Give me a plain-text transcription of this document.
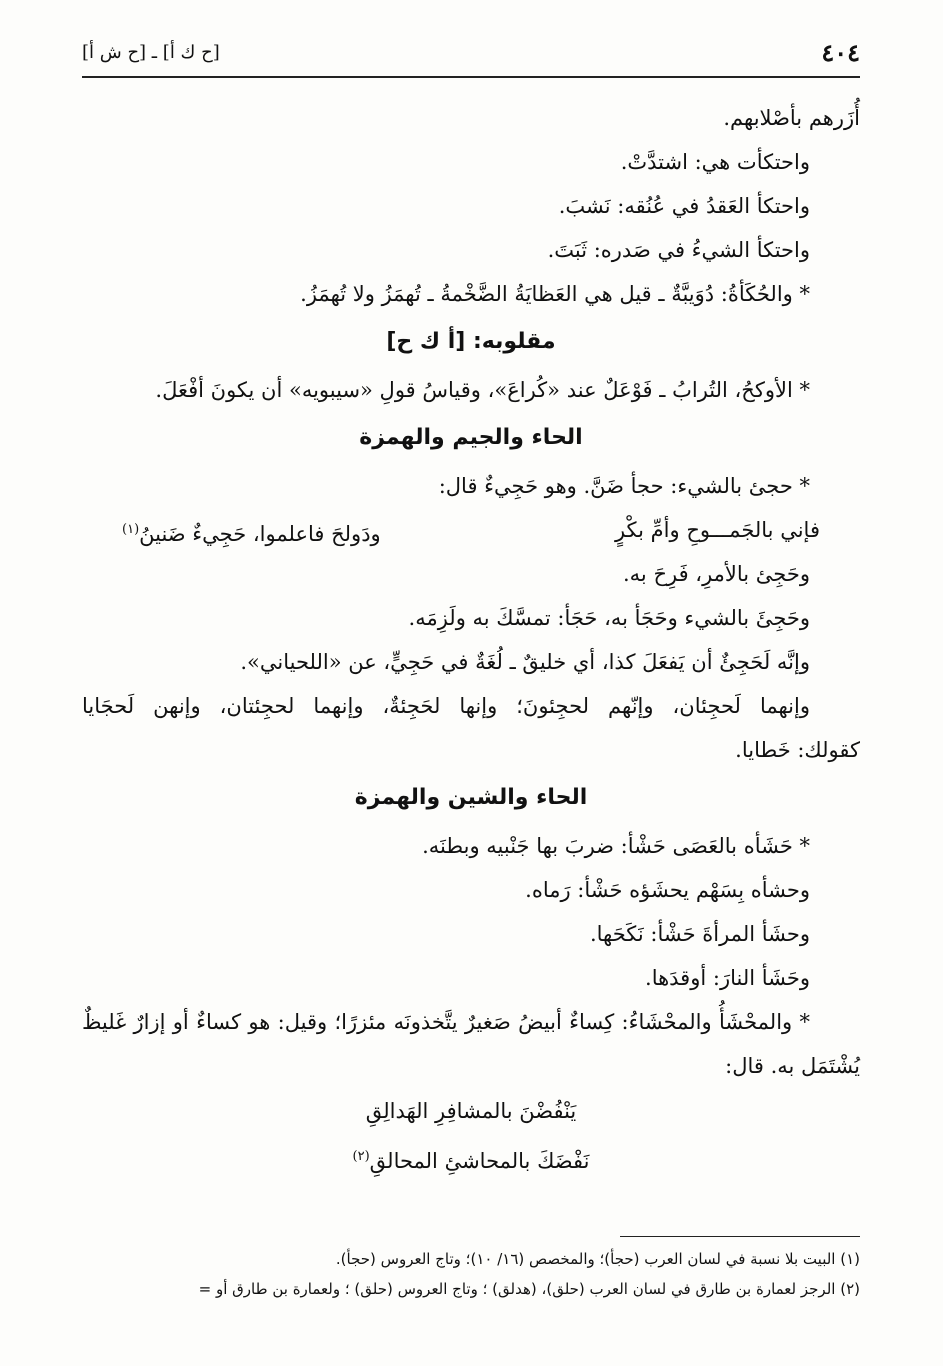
٤٠٤
[ح ك أ] ـ [ح ش أ]
أُزَرهم بأصْلابهم.
واحتكأت هي: اشتدَّتْ.
واحتكأ العَقدُ في عُنُقه: نَشبَ.
واحتكأ الشيءُ في صَدره: ثَبَتَ.
* والحُكَأةُ: دُوَيبَّةٌ ـ قيل هي العَظايَةُ الضَّخْمةُ ـ تُهمَزُ ولا تُهمَزُ.
مقلوبه: [أ ك ح]
* الأوكحُ، التُرابُ ـ فَوْعَلٌ عند «كُراعَ»، وقياسُ قولِ «سيبويه» أن يكونَ أفْعَلَ.
الحاء والجيم والهمزة
* حجئ بالشيء: حجأ ضَنَّ. وهو حَجِيءٌ قال:
فإني بالجَمـــوحِ وأمِّ بكْرٍ
ودَولحَ فاعلموا، حَجِيءٌ ضَنينُ$^{(١)}$
وحَجِئ بالأمرِ، فَرِحَ به.
وحَجِئَ بالشيء وحَجَأ به، حَجَأ: تمسَّكَ به ولَزِمَه.
وإنَّه لَحَجِئٌ أن يَفعَلَ كذا، أي خليقٌ ـ لُغَةٌ في حَجِيٍّ، عن «اللحياني».
وإنهما لَحجِئان، وإنّهم لحجِئونَ؛ وإنها لحَجِئةٌ، وإنهما لحجِئتان، وإنهن لَحجَايا
كقولك: خَطايا.
الحاء والشين والهمزة
* حَشَأه بالعَصَى حَشْأ: ضربَ بها جَنْبيه وبطنَه.
وحشأه بِسَهْم يحشَؤه حَشْأ: رَماه.
وحشَأ المرأةَ حَشْأ: نَكَحَها.
وحَشَأ النارَ: أوقدَها.
* والمحْشَأُ والمحْشَاءُ: كِساءٌ أبيضُ صَغيرٌ يتَّخذونَه مئزرًا؛ وقيل: هو كساءٌ أو إزارٌ غَليظٌ
يُشْتَمَل به. قال:
يَنْفُضْنَ بالمشافِرِ الهَدالِقِ
نَفْضَكَ بالمحاشئِ المحالقِ$^{(٢)}$
(١) البيت بلا نسبة في لسان العرب (حجأ)؛ والمخصص (١٦/ ١٠)؛ وتاج العروس (حجأ).
(٢) الرجز لعمارة بن طارق في لسان العرب (حلق)، (هدلق) ؛ وتاج العروس (حلق) ؛ ولعمارة بن طارق أو =
